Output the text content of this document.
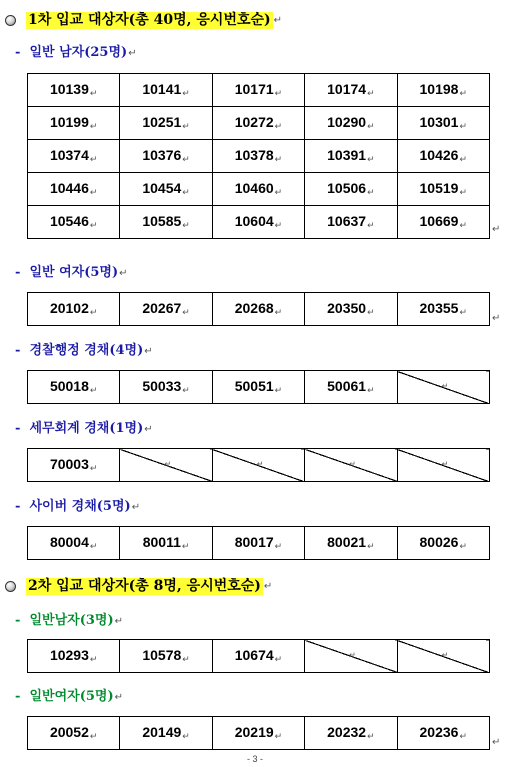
1차 입교 대상자(총 40명, 응시번호순) ↵
- 일반 남자(25명)↵
10139↵	10141↵	10171↵	10174↵	10198↵
10199↵	10251↵	10272↵	10290↵	10301↵
10374↵	10376↵	10378↵	10391↵	10426↵
10446↵	10454↵	10460↵	10506↵	10519↵
10546↵	10585↵	10604↵	10637↵	10669↵	↵
- 일반 여자(5명)↵
20102↵	20267↵	20268↵	20350↵	20355↵
↵
- 경찰행정 경채(4명)↵
50018↵	50033↵	50051↵	50061↵	↵
- 세무회계 경채(1명)↵
70003↵	↵	↵	↵	↵
- 사이버 경채(5명)↵
80004↵	80011↵	80017↵	80021↵	80026↵
2차 입교 대상자(총 8명, 응시번호순) ↵
- 일반남자(3명)↵
10293↵	10578↵	10674↵	↵	↵
- 일반여자(5명)↵
20052↵	20149↵	20219↵	20232↵	20236↵
↵
- 3 -
